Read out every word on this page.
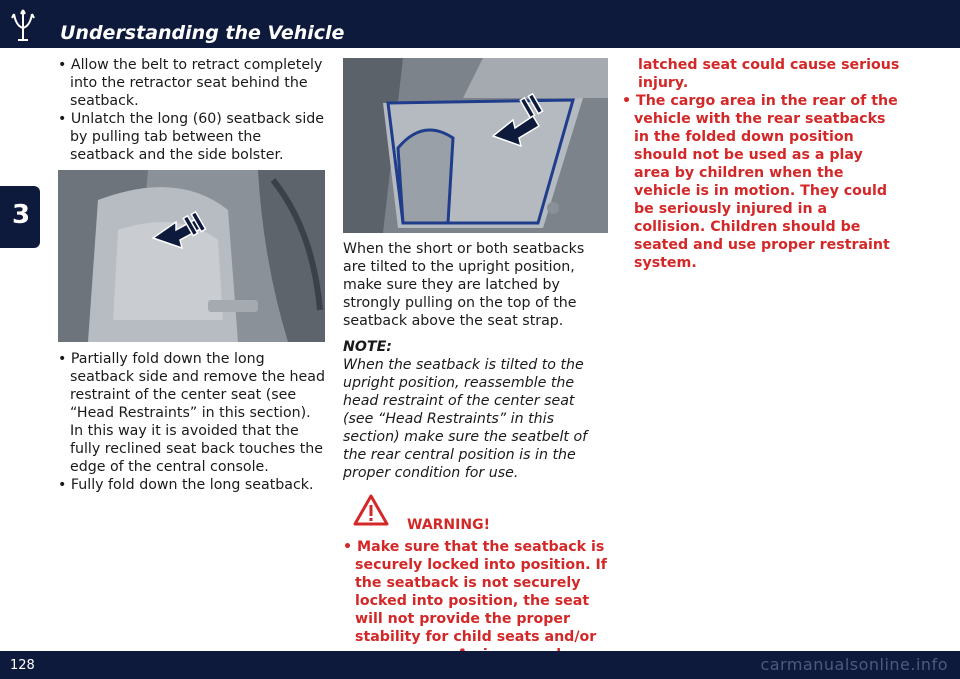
Understanding the Vehicle
3

• Allow the belt to retract completely into the retractor seat behind the seatback.

• Unlatch the long (60) seatback side by pulling tab between the seatback and the side bolster.

• Partially fold down the long seatback side and remove the head restraint of the center seat (see “Head Restraints” in this section). In this way it is avoided that the fully reclined seat back touches the edge of the central console.

• Fully fold down the long seatback.

When the short or both seatbacks are tilted to the upright position, make sure they are latched by strongly pulling on the top of the seatback above the seat strap.

NOTE:

When the seatback is tilted to the upright position, reassemble the head restraint of the center seat (see “Head Restraints” in this section) make sure the seatbelt of the rear central position is in the proper condition for use.

WARNING!

• Make sure that the seatback is securely locked into position. If the seatback is not securely locked into position, the seat will not provide the proper stability for child seats and/or

latched seat could cause serious injury.

• The cargo area in the rear of the vehicle with the rear seatbacks in the folded down position should not be used as a play area by children when the vehicle is in motion. They could be seriously injured in a collision. Children should be seated and use proper restraint system.

128	carmanualsonline.info
